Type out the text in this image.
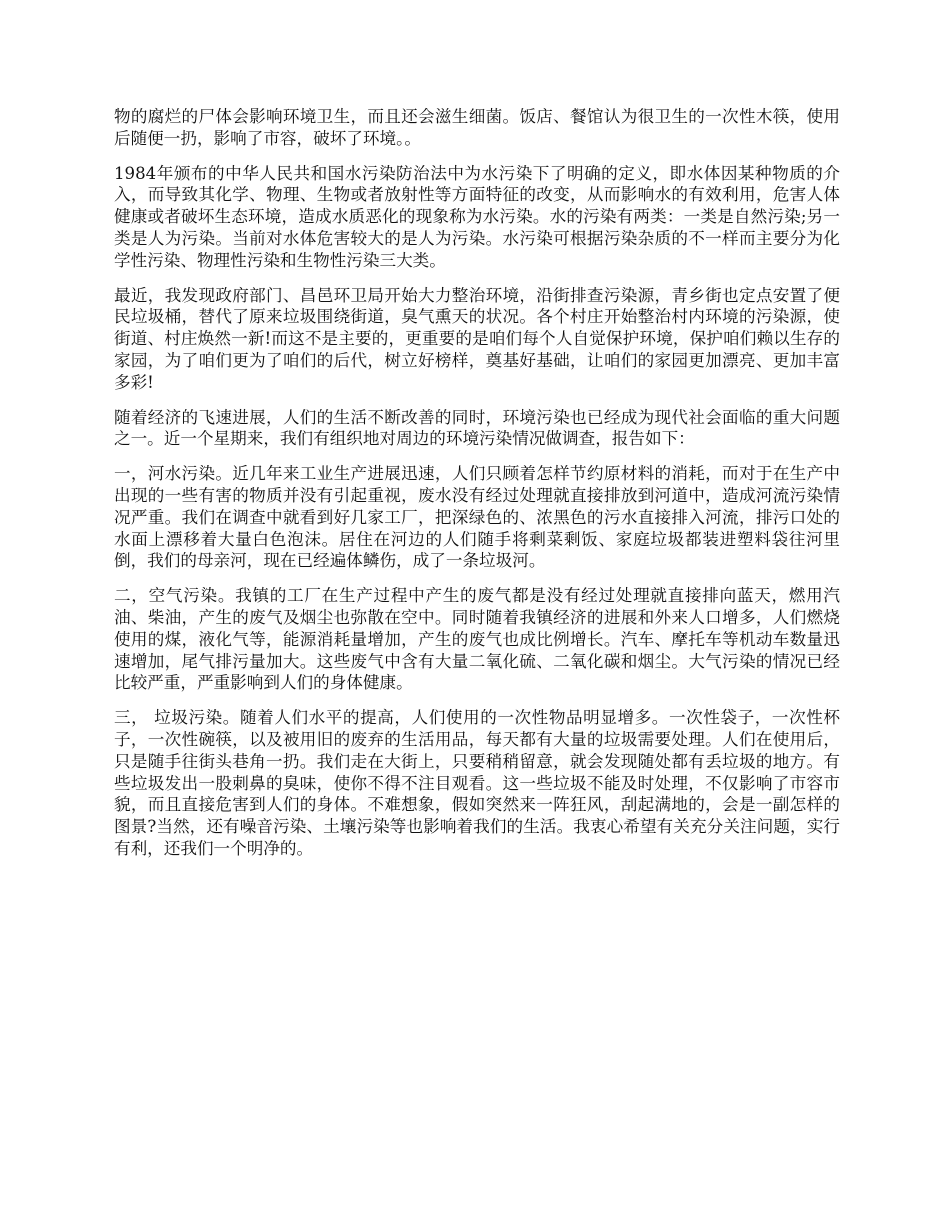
物的腐烂的尸体会影响环境卫生，而且还会滋生细菌。饭店、餐馆认为很卫生的一次性木筷，使用后随便一扔，影响了市容，破坏了环境。。

1984年颁布的中华人民共和国水污染防治法中为水污染下了明确的定义，即水体因某种物质的介入，而导致其化学、物理、生物或者放射性等方面特征的改变，从而影响水的有效利用，危害人体健康或者破坏生态环境，造成水质恶化的现象称为水污染。水的污染有两类：一类是自然污染;另一类是人为污染。当前对水体危害较大的是人为污染。水污染可根据污染杂质的不一样而主要分为化学性污染、物理性污染和生物性污染三大类。

最近，我发现政府部门、昌邑环卫局开始大力整治环境，沿街排查污染源，青乡街也定点安置了便民垃圾桶，替代了原来垃圾围绕街道，臭气熏天的状况。各个村庄开始整治村内环境的污染源，使街道、村庄焕然一新!而这不是主要的，更重要的是咱们每个人自觉保护环境，保护咱们赖以生存的家园，为了咱们更为了咱们的后代，树立好榜样，奠基好基础，让咱们的家园更加漂亮、更加丰富多彩!

随着经济的飞速进展，人们的生活不断改善的同时，环境污染也已经成为现代社会面临的重大问题之一。近一个星期来，我们有组织地对周边的环境污染情况做调查，报告如下：

一，河水污染。近几年来工业生产进展迅速，人们只顾着怎样节约原材料的消耗，而对于在生产中出现的一些有害的物质并没有引起重视，废水没有经过处理就直接排放到河道中，造成河流污染情况严重。我们在调查中就看到好几家工厂，把深绿色的、浓黑色的污水直接排入河流，排污口处的水面上漂移着大量白色泡沫。居住在河边的人们随手将剩菜剩饭、家庭垃圾都装进塑料袋往河里倒，我们的母亲河，现在已经遍体鳞伤，成了一条垃圾河。

二，空气污染。我镇的工厂在生产过程中产生的废气都是没有经过处理就直接排向蓝天，燃用汽油、柴油，产生的废气及烟尘也弥散在空中。同时随着我镇经济的进展和外来人口增多，人们燃烧使用的煤，液化气等，能源消耗量增加，产生的废气也成比例增长。汽车、摩托车等机动车数量迅速增加，尾气排污量加大。这些废气中含有大量二氧化硫、二氧化碳和烟尘。大气污染的情况已经比较严重，严重影响到人们的身体健康。

三， 垃圾污染。随着人们水平的提高，人们使用的一次性物品明显增多。一次性袋子，一次性杯子，一次性碗筷，以及被用旧的废弃的生活用品，每天都有大量的垃圾需要处理。人们在使用后，只是随手往街头巷角一扔。我们走在大街上，只要稍稍留意，就会发现随处都有丢垃圾的地方。有些垃圾发出一股刺鼻的臭味，使你不得不注目观看。这一些垃圾不能及时处理，不仅影响了市容市貌，而且直接危害到人们的身体。不难想象，假如突然来一阵狂风，刮起满地的，会是一副怎样的图景?当然，还有噪音污染、土壤污染等也影响着我们的生活。我衷心希望有关充分关注问题，实行有利，还我们一个明净的。
